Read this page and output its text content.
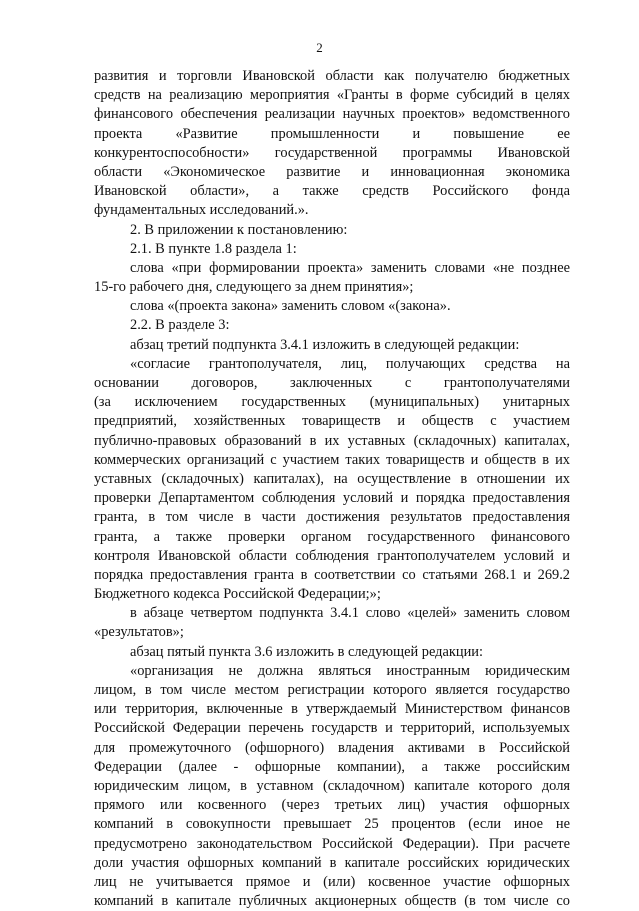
2
развития и торговли Ивановской области как получателю бюджетных
средств на реализацию мероприятия «Гранты в форме субсидий в целях
финансового обеспечения реализации научных проектов» ведомственного
проекта «Развитие промышленности и повышение ее
конкурентоспособности» государственной программы Ивановской
области «Экономическое развитие и инновационная экономика
Ивановской области», а также средств Российского фонда
фундаментальных исследований.».
2. В приложении к постановлению:
2.1. В пункте 1.8 раздела 1:
слова «при формировании проекта» заменить словами «не позднее
15-го рабочего дня, следующего за днем принятия»;
слова «(проекта закона» заменить словом «(закона».
2.2. В разделе 3:
абзац третий подпункта 3.4.1 изложить в следующей редакции:
«согласие грантополучателя, лиц, получающих средства на
основании договоров, заключенных с грантополучателями
(за исключением государственных (муниципальных) унитарных
предприятий, хозяйственных товариществ и обществ с участием
публично-правовых образований в их уставных (складочных) капиталах,
коммерческих организаций с участием таких товариществ и обществ в их
уставных (складочных) капиталах), на осуществление в отношении их
проверки Департаментом соблюдения условий и порядка предоставления
гранта, в том числе в части достижения результатов предоставления
гранта, а также проверки органом государственного финансового
контроля Ивановской области соблюдения грантополучателем условий и
порядка предоставления гранта в соответствии со статьями 268.1 и 269.2
Бюджетного кодекса Российской Федерации;»;
в абзаце четвертом подпункта 3.4.1 слово «целей» заменить словом
«результатов»;
абзац пятый пункта 3.6 изложить в следующей редакции:
«организация не должна являться иностранным юридическим
лицом, в том числе местом регистрации которого является государство
или территория, включенные в утверждаемый Министерством финансов
Российской Федерации перечень государств и территорий, используемых
для промежуточного (офшорного) владения активами в Российской
Федерации (далее - офшорные компании), а также российским
юридическим лицом, в уставном (складочном) капитале которого доля
прямого или косвенного (через третьих лиц) участия офшорных
компаний в совокупности превышает 25 процентов (если иное не
предусмотрено законодательством Российской Федерации). При расчете
доли участия офшорных компаний в капитале российских юридических
лиц не учитывается прямое и (или) косвенное участие офшорных
компаний в капитале публичных акционерных обществ (в том числе со
